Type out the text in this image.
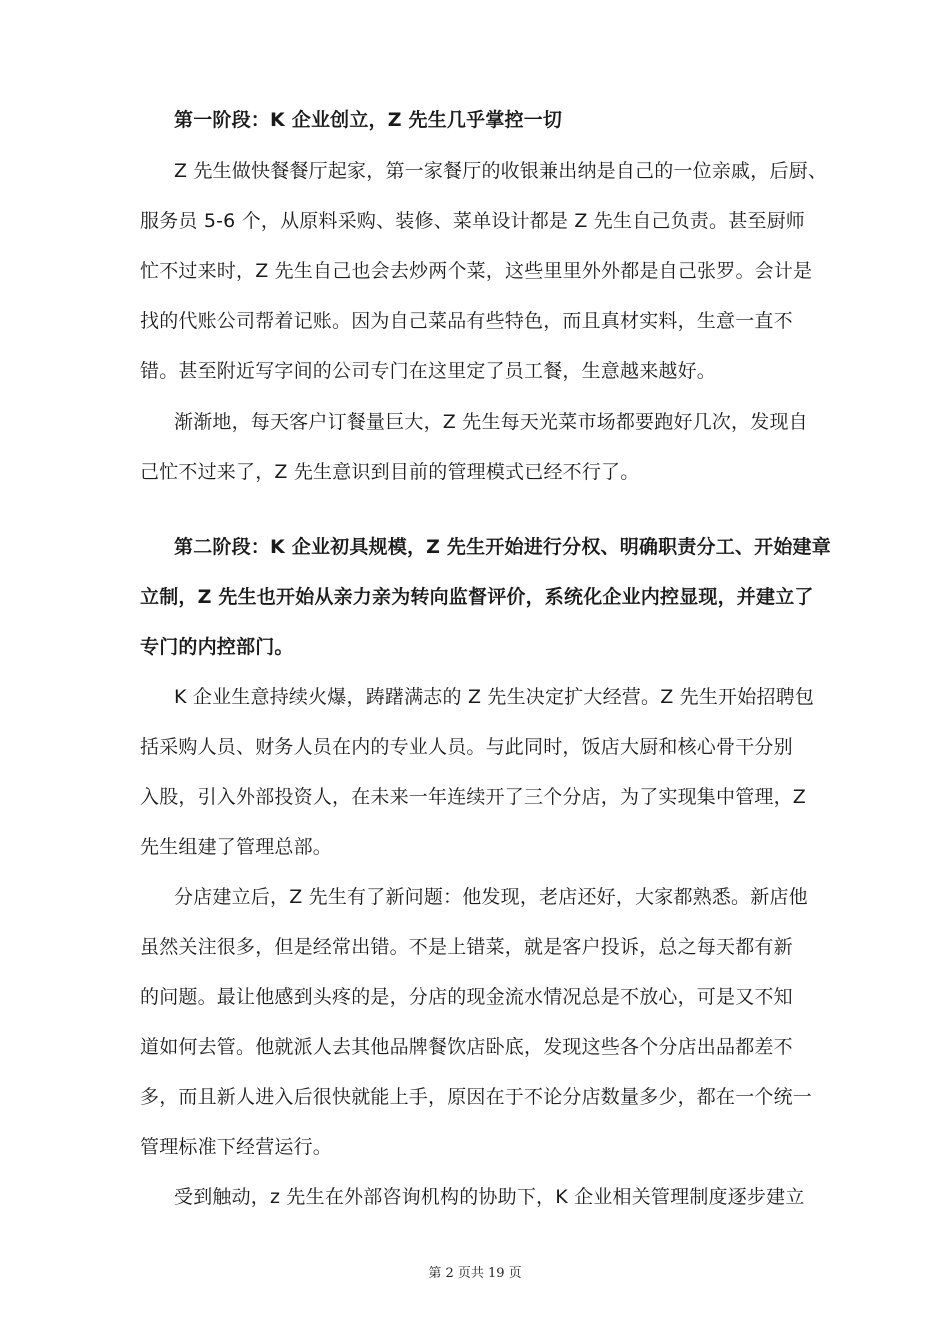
第一阶段：K 企业创立，Z 先生几乎掌控一切
Z 先生做快餐餐厅起家，第一家餐厅的收银兼出纳是自己的一位亲戚，后厨、
服务员 5-6 个，从原料采购、装修、菜单设计都是 Z 先生自己负责。甚至厨师
忙不过来时，Z 先生自己也会去炒两个菜，这些里里外外都是自己张罗。会计是
找的代账公司帮着记账。因为自己菜品有些特色，而且真材实料，生意一直不
错。甚至附近写字间的公司专门在这里定了员工餐，生意越来越好。
渐渐地，每天客户订餐量巨大，Z 先生每天光菜市场都要跑好几次，发现自
己忙不过来了，Z 先生意识到目前的管理模式已经不行了。
第二阶段：K 企业初具规模，Z 先生开始进行分权、明确职责分工、开始建章
立制，Z 先生也开始从亲力亲为转向监督评价，系统化企业内控显现，并建立了
专门的内控部门。
K 企业生意持续火爆，踌躇满志的 Z 先生决定扩大经营。Z 先生开始招聘包
括采购人员、财务人员在内的专业人员。与此同时，饭店大厨和核心骨干分别
入股，引入外部投资人，在未来一年连续开了三个分店，为了实现集中管理，Z
先生组建了管理总部。
分店建立后，Z 先生有了新问题：他发现，老店还好，大家都熟悉。新店他
虽然关注很多，但是经常出错。不是上错菜，就是客户投诉，总之每天都有新
的问题。最让他感到头疼的是，分店的现金流水情况总是不放心，可是又不知
道如何去管。他就派人去其他品牌餐饮店卧底，发现这些各个分店出品都差不
多，而且新人进入后很快就能上手，原因在于不论分店数量多少，都在一个统一
管理标准下经营运行。
受到触动，z 先生在外部咨询机构的协助下，K 企业相关管理制度逐步建立
第 2 页共 19 页
